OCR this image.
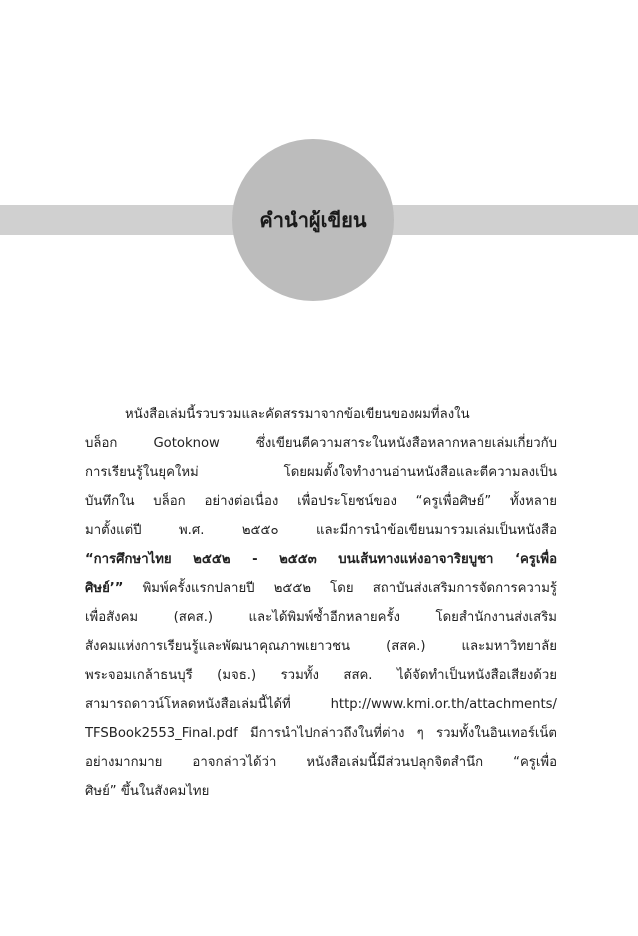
คำนำผู้เขียน
หนังสือเล่มนี้รวบรวมและคัดสรรมาจากข้อเขียนของผมที่ลงใน
บล็อก Gotoknow ซึ่งเขียนตีความสาระในหนังสือหลากหลายเล่มเกี่ยวกับ
การเรียนรู้ในยุคใหม่ โดยผมตั้งใจทำงานอ่านหนังสือและตีความลงเป็น
บันทึกใน บล็อก อย่างต่อเนื่อง เพื่อประโยชน์ของ “ครูเพื่อศิษย์” ทั้งหลาย
มาตั้งแต่ปี พ.ศ. ๒๕๕๐ และมีการนำข้อเขียนมารวมเล่มเป็นหนังสือ
“การศึกษาไทย ๒๕๕๒ - ๒๕๕๓ บนเส้นทางแห่งอาจาริยบูชา ‘ครูเพื่อ
ศิษย์’” พิมพ์ครั้งแรกปลายปี ๒๕๕๒ โดย สถาบันส่งเสริมการจัดการความรู้
เพื่อสังคม (สคส.) และได้พิมพ์ซ้ำอีกหลายครั้ง โดยสำนักงานส่งเสริม
สังคมแห่งการเรียนรู้และพัฒนาคุณภาพเยาวชน (สสค.) และมหาวิทยาลัย
พระจอมเกล้าธนบุรี (มจธ.) รวมทั้ง สสค. ได้จัดทำเป็นหนังสือเสียงด้วย
สามารถดาวน์โหลดหนังสือเล่มนี้ได้ที่ http://www.kmi.or.th/attachments/
TFSBook2553_Final.pdf มีการนำไปกล่าวถึงในที่ต่าง ๆ รวมทั้งในอินเทอร์เน็ต
อย่างมากมาย อาจกล่าวได้ว่า หนังสือเล่มนี้มีส่วนปลุกจิตสำนึก “ครูเพื่อ
ศิษย์” ขึ้นในสังคมไทย
